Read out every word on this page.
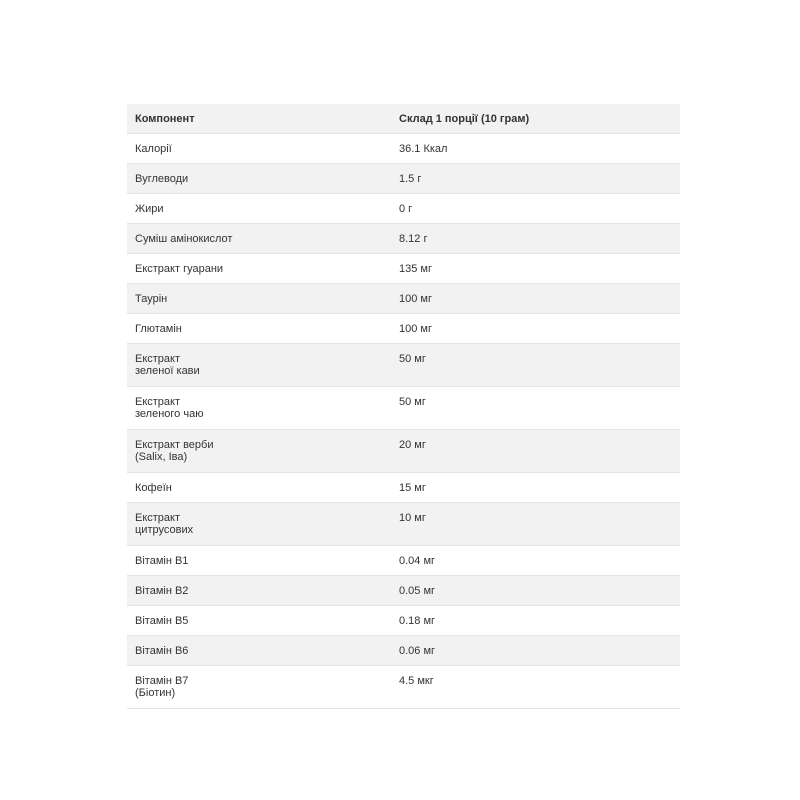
Компонент	Склад 1 порції (10 грам)
Калорії	36.1 Ккал
Вуглеводи	1.5 г
Жири	0 г
Суміш амінокислот	8.12 г
Екстракт гуарани	135 мг
Таурін	100 мг
Глютамін	100 мг
Екстракт
зеленої кави	50 мг
Екстракт
зеленого чаю	50 мг
Екстракт верби
(Salix, Іва)	20 мг
Кофеїн	15 мг
Екстракт
цитрусових	10 мг
Вітамін B1	0.04 мг
Вітамін B2	0.05 мг
Вітамін B5	0.18 мг
Вітамін B6	0.06 мг
Вітамін B7
(Біотин)	4.5 мкг
